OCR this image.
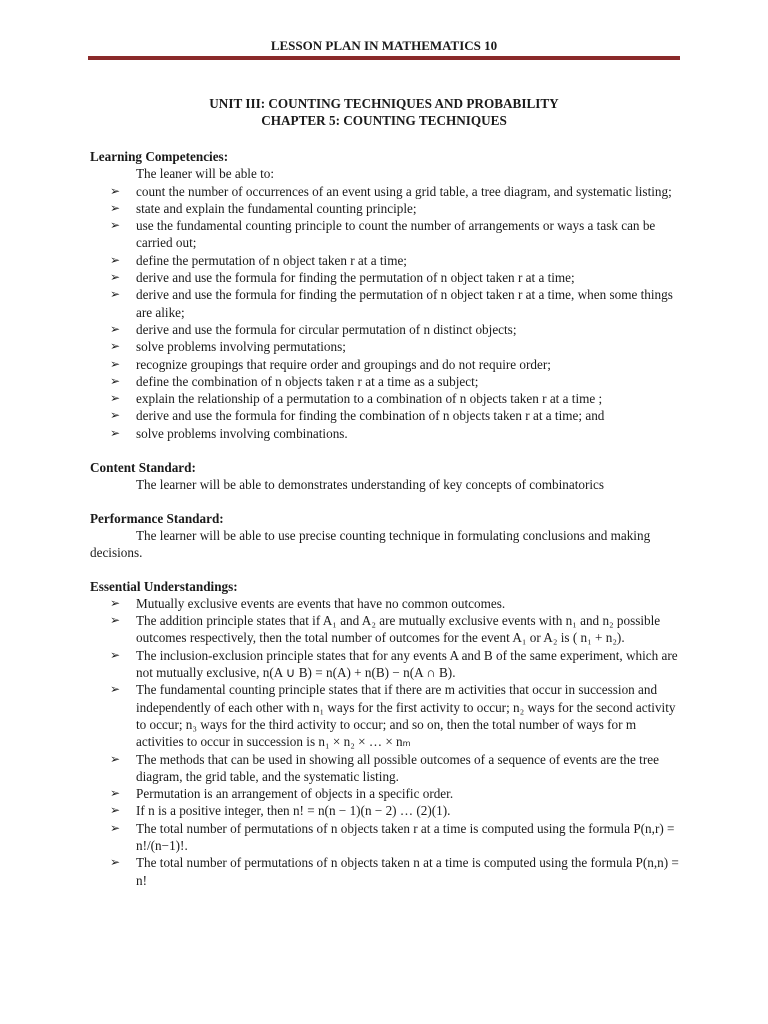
LESSON PLAN IN MATHEMATICS 10
UNIT III: COUNTING TECHNIQUES AND PROBABILITY
CHAPTER 5: COUNTING TECHNIQUES

Learning Competencies:

The leaner will be able to:

➢ count the number of occurrences of an event using a grid table, a tree diagram, and systematic listing;
➢ state and explain the fundamental counting principle;
➢ use the fundamental counting principle to count the number of arrangements or ways a task can be carried out;
➢ define the permutation of n object taken r at a time;
➢ derive and use the formula for finding the permutation of n object taken r at a time;
➢ derive and use the formula for finding the permutation of n object taken r at a time, when some things are alike;
➢ derive and use the formula for circular permutation of n distinct objects;
➢ solve problems involving permutations;
➢ recognize groupings that require order and groupings and do not require order;
➢ define the combination of n objects taken r at a time as a subject;
➢ explain the relationship of a permutation to a combination of n objects taken r at a time ;
➢ derive and use the formula for finding the combination of n objects taken r at a time; and
➢ solve problems involving combinations.

Content Standard:

The learner will be able to demonstrates understanding of key concepts of combinatorics

Performance Standard:

The learner will be able to use precise counting technique in formulating conclusions and making decisions.

Essential Understandings:

➢ Mutually exclusive events are events that have no common outcomes.
➢ The addition principle states that if A₁ and A₂ are mutually exclusive events with n₁ and n₂ possible outcomes respectively, then the total number of outcomes for the event A₁ or A₂ is ( n₁ + n₂).
➢ The inclusion-exclusion principle states that for any events A and B of the same experiment, which are not mutually exclusive, n(A ∪ B) = n(A) + n(B) − n(A ∩ B).
➢ The fundamental counting principle states that if there are m activities that occur in succession and independently of each other with n₁ ways for the first activity to occur; n₂ ways for the second activity to occur; n₃ ways for the third activity to occur; and so on, then the total number of ways for m activities to occur in succession is n₁ × n₂ × … × nₘ
➢ The methods that can be used in showing all possible outcomes of a sequence of events are the tree diagram, the grid table, and the systematic listing.
➢ Permutation is an arrangement of objects in a specific order.
➢ If n is a positive integer, then n! = n(n − 1)(n − 2) … (2)(1).
➢ The total number of permutations of n objects taken r at a time is computed using the formula P(n,r) = n!/(n−1)!.
➢ The total number of permutations of n objects taken n at a time is computed using the formula P(n,n) = n!
